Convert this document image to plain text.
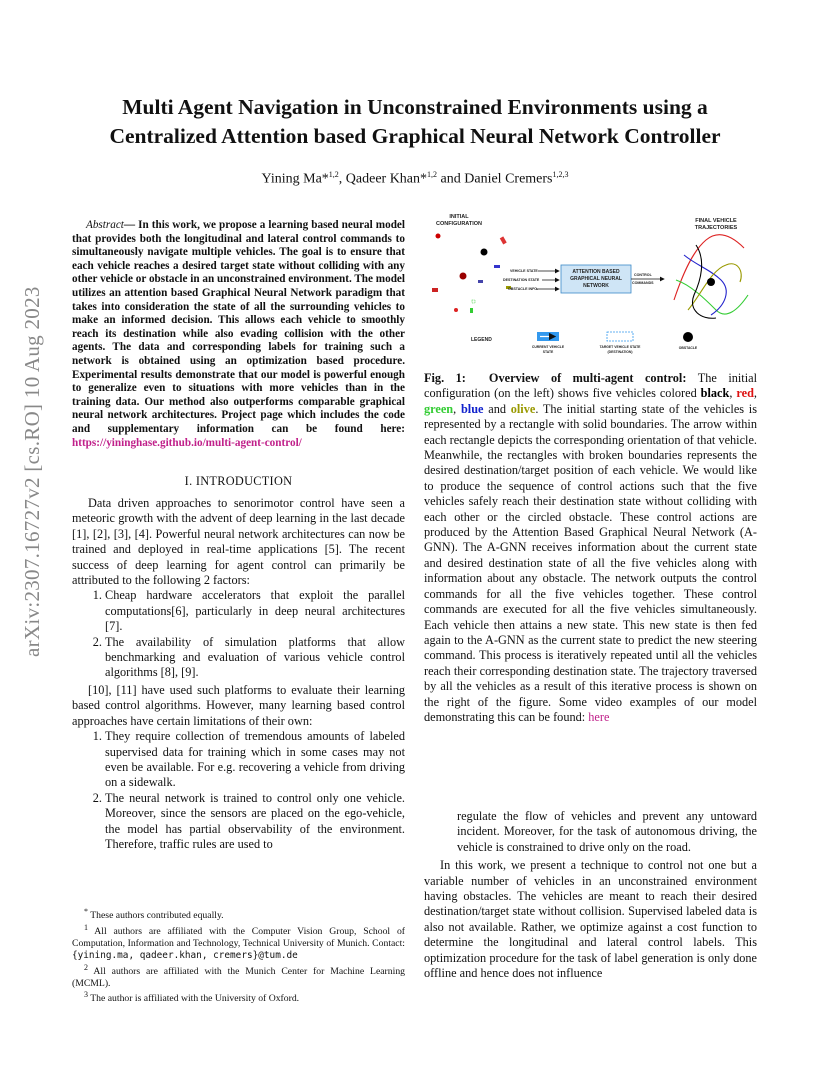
arXiv:2307.16727v2 [cs.RO] 10 Aug 2023
Multi Agent Navigation in Unconstrained Environments using a Centralized Attention based Graphical Neural Network Controller
Yining Ma*$^{1,2}$, Qadeer Khan*$^{1,2}$ and Daniel Cremers$^{1,2,3}$
Abstract— In this work, we propose a learning based neural model that provides both the longitudinal and lateral control commands to simultaneously navigate multiple vehicles. The goal is to ensure that each vehicle reaches a desired target state without colliding with any other vehicle or obstacle in an unconstrained environment. The model utilizes an attention based Graphical Neural Network paradigm that takes into consideration the state of all the surrounding vehicles to make an informed decision. This allows each vehicle to smoothly reach its destination while also evading collision with the other agents. The data and corresponding labels for training such a network is obtained using an optimization based procedure. Experimental results demonstrate that our model is powerful enough to generalize even to situations with more vehicles than in the training data. Our method also outperforms comparable graphical neural network architectures. Project page which includes the code and supplementary information can be found here: https://yininghase.github.io/multi-agent-control/
I. INTRODUCTION

Data driven approaches to senorimotor control have seen a meteoric growth with the advent of deep learning in the last decade [1], [2], [3], [4]. Powerful neural network architectures can now be trained and deployed in real-time applications [5]. The recent success of deep learning for agent control can primarily be attributed to the following 2 factors:

1. Cheap hardware accelerators that exploit the parallel computations[6], particularly in deep neural architectures [7].
2. The availability of simulation platforms that allow benchmarking and evaluation of various vehicle control algorithms [8], [9].

[10], [11] have used such platforms to evaluate their learning based control algorithms. However, many learning based control approaches have certain limitations of their own:

1. They require collection of tremendous amounts of labeled supervised data for training which in some cases may not even be available. For e.g. recovering a vehicle from driving on a sidewalk.
2. The neural network is trained to control only one vehicle. Moreover, since the sensors are placed on the ego-vehicle, the model has partial observability of the environment. Therefore, traffic rules are used to
* These authors contributed equally.
$^1$ All authors are affiliated with the Computer Vision Group, School of Computation, Information and Technology, Technical University of Munich. Contact: {yining.ma, qadeer.khan, cremers}@tum.de
$^2$ All authors are affiliated with the Munich Center for Machine Learning (MCML).
$^3$ The author is affiliated with the University of Oxford.
INITIAL
CONFIGURATION	FINAL VEHICLE
TRAJECTORIES
VEHICLE STATE
DESTINATION STATE
OBSTACLE INFO.
ATTENTION BASED
GRAPHICAL NEURAL
NETWORK
CONTROL
COMMANDS
LEGEND
CURRENT VEHICLE
STATE
TARGET VEHICLE STATE
(DESTINATION)
OBSTACLE
Fig. 1: Overview of multi-agent control: The initial configuration (on the left) shows five vehicles colored black, red, green, blue and olive. The initial starting state of the vehicles is represented by a rectangle with solid boundaries. The arrow within each rectangle depicts the corresponding orientation of that vehicle. Meanwhile, the rectangles with broken boundaries represents the desired destination/target position of each vehicle. We would like to produce the sequence of control actions such that the five vehicles safely reach their destination state without colliding with each other or the circled obstacle. These control actions are produced by the Attention Based Graphical Neural Network (A-GNN). The A-GNN receives information about the current state and desired destination state of all the five vehicles along with information about any obstacle. The network outputs the control commands for all the five vehicles together. These control commands are executed for all the five vehicles simultaneously. Each vehicle then attains a new state. This new state is then fed again to the A-GNN as the current state to predict the new steering command. This process is iteratively repeated until all the vehicles reach their corresponding destination state. The trajectory traversed by all the vehicles as a result of this iterative process is shown on the right of the figure. Some video examples of our model demonstrating this can be found: here

regulate the flow of vehicles and prevent any untoward incident. Moreover, for the task of autonomous driving, the vehicle is constrained to drive only on the road.

In this work, we present a technique to control not one but a variable number of vehicles in an unconstrained environment having obstacles. The vehicles are meant to reach their desired destination/target state without collision. Supervised labeled data is also not available. Rather, we optimize against a cost function to determine the longitudinal and lateral control labels. This optimization procedure for the task of label generation is only done offline and hence does not influence
